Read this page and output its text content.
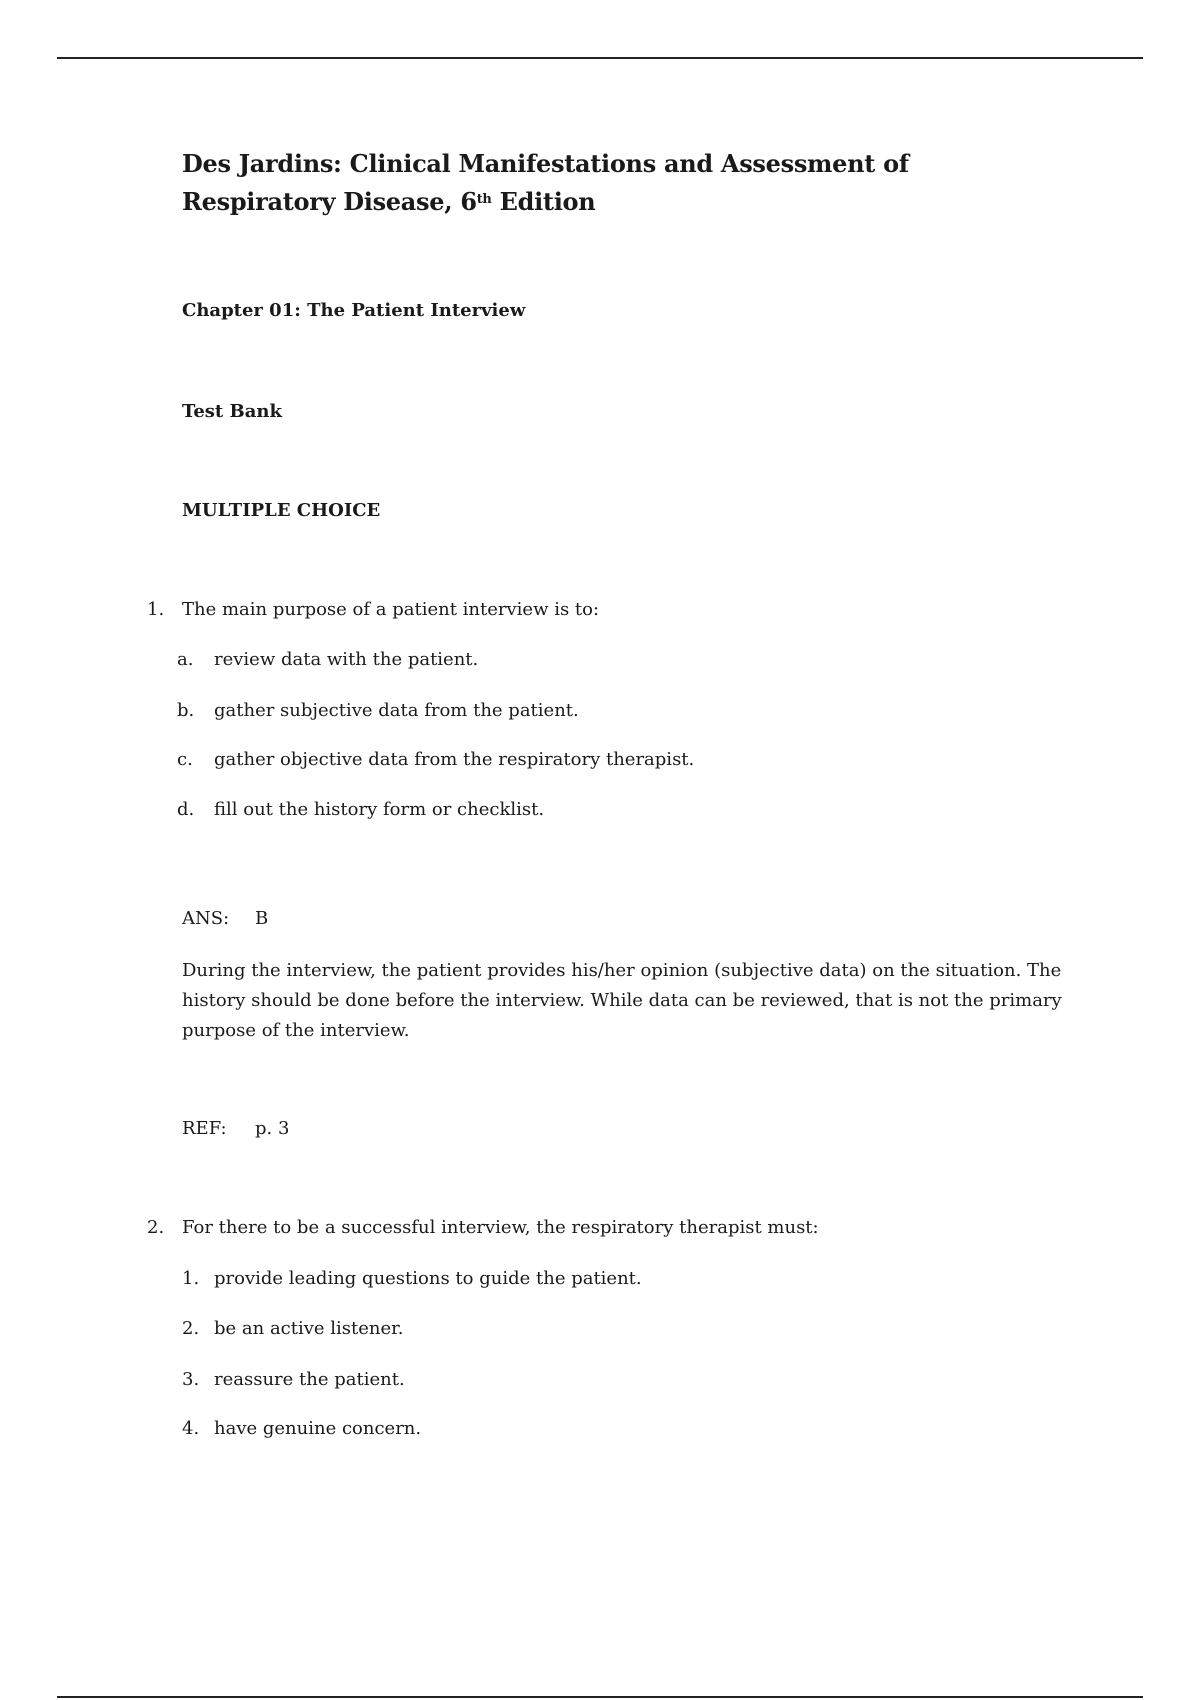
Des Jardins: Clinical Manifestations and Assessment of Respiratory Disease, 6th Edition
Chapter 01: The Patient Interview
Test Bank
MULTIPLE CHOICE
1. The main purpose of a patient interview is to:
a.	review data with the patient.
b.	gather subjective data from the patient.
c.	gather objective data from the respiratory therapist.
d.	fill out the history form or checklist.
ANS:	B

During the interview, the patient provides his/her opinion (subjective data) on the situation. The history should be done before the interview. While data can be reviewed, that is not the primary purpose of the interview.

REF:	p. 3
2. For there to be a successful interview, the respiratory therapist must:
1. provide leading questions to guide the patient.
2. be an active listener.
3. reassure the patient.
4. have genuine concern.
